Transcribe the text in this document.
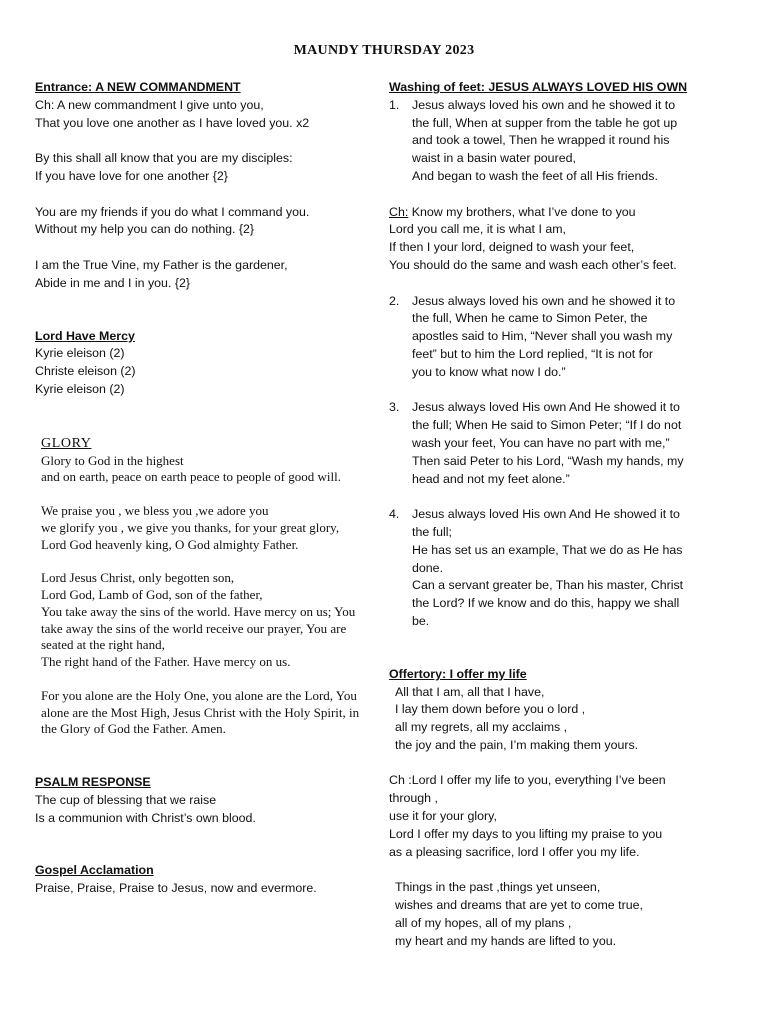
MAUNDY THURSDAY 2023
Entrance: A NEW COMMANDMENT
Ch: A new commandment I give unto you,
That you love one another as I have loved you. x2
By this shall all know that you are my disciples:
If you have love for one another {2}
You are my friends if you do what I command you.
Without my help you can do nothing. {2}
I am the True Vine, my Father is the gardener,
Abide in me and I in you. {2}
Lord Have Mercy
Kyrie eleison (2)
Christe eleison (2)
Kyrie eleison (2)
GLORY
Glory to God in the highest
and on earth, peace on earth peace to people of good will.
We praise you , we bless you ,we adore you
we glorify you , we give you thanks, for your great glory, Lord God heavenly king, O God almighty Father.
Lord Jesus Christ, only begotten son,
Lord God, Lamb of God, son of the father,
You take away the sins of the world. Have mercy on us; You take away the sins of the world receive our prayer, You are seated at the right hand,
The right hand of the Father. Have mercy on us.
For you alone are the Holy One, you alone are the Lord, You alone are the Most High, Jesus Christ with the Holy Spirit, in the Glory of God the Father. Amen.
PSALM RESPONSE
The cup of blessing that we raise
Is a communion with Christ’s own blood.
Gospel Acclamation
Praise, Praise, Praise to Jesus, now and evermore.
Washing of feet: JESUS ALWAYS LOVED HIS OWN
1. Jesus always loved his own and he showed it to
the full, When at supper from the table he got up
and took a towel, Then he wrapped it round his
waist in a basin water poured,
And began to wash the feet of all His friends.
Ch: Know my brothers, what I’ve done to you
Lord you call me, it is what I am,
If then I your lord, deigned to wash your feet,
You should do the same and wash each other’s feet.
2. Jesus always loved his own and he showed it to
the full, When he came to Simon Peter, the
apostles said to Him, “Never shall you wash my
feet” but to him the Lord replied, “It is not for
you to know what now I do.”
3. Jesus always loved His own And He showed it to
the full; When He said to Simon Peter; “If I do not
wash your feet, You can have no part with me,”
Then said Peter to his Lord, “Wash my hands, my
head and not my feet alone.”
4. Jesus always loved His own And He showed it to
the full;
He has set us an example, That we do as He has
done.
Can a servant greater be, Than his master, Christ
the Lord? If we know and do this, happy we shall
be.
Offertory: I offer my life
All that I am, all that I have,
I lay them down before you o lord ,
all my regrets, all my acclaims ,
the joy and the pain, I’m making them yours.
Ch :Lord I offer my life to you, everything I’ve been
through ,
use it for your glory,
Lord I offer my days to you lifting my praise to you
as a pleasing sacrifice, lord I offer you my life.
Things in the past ,things yet unseen,
wishes and dreams that are yet to come true,
all of my hopes, all of my plans ,
my heart and my hands are lifted to you.
